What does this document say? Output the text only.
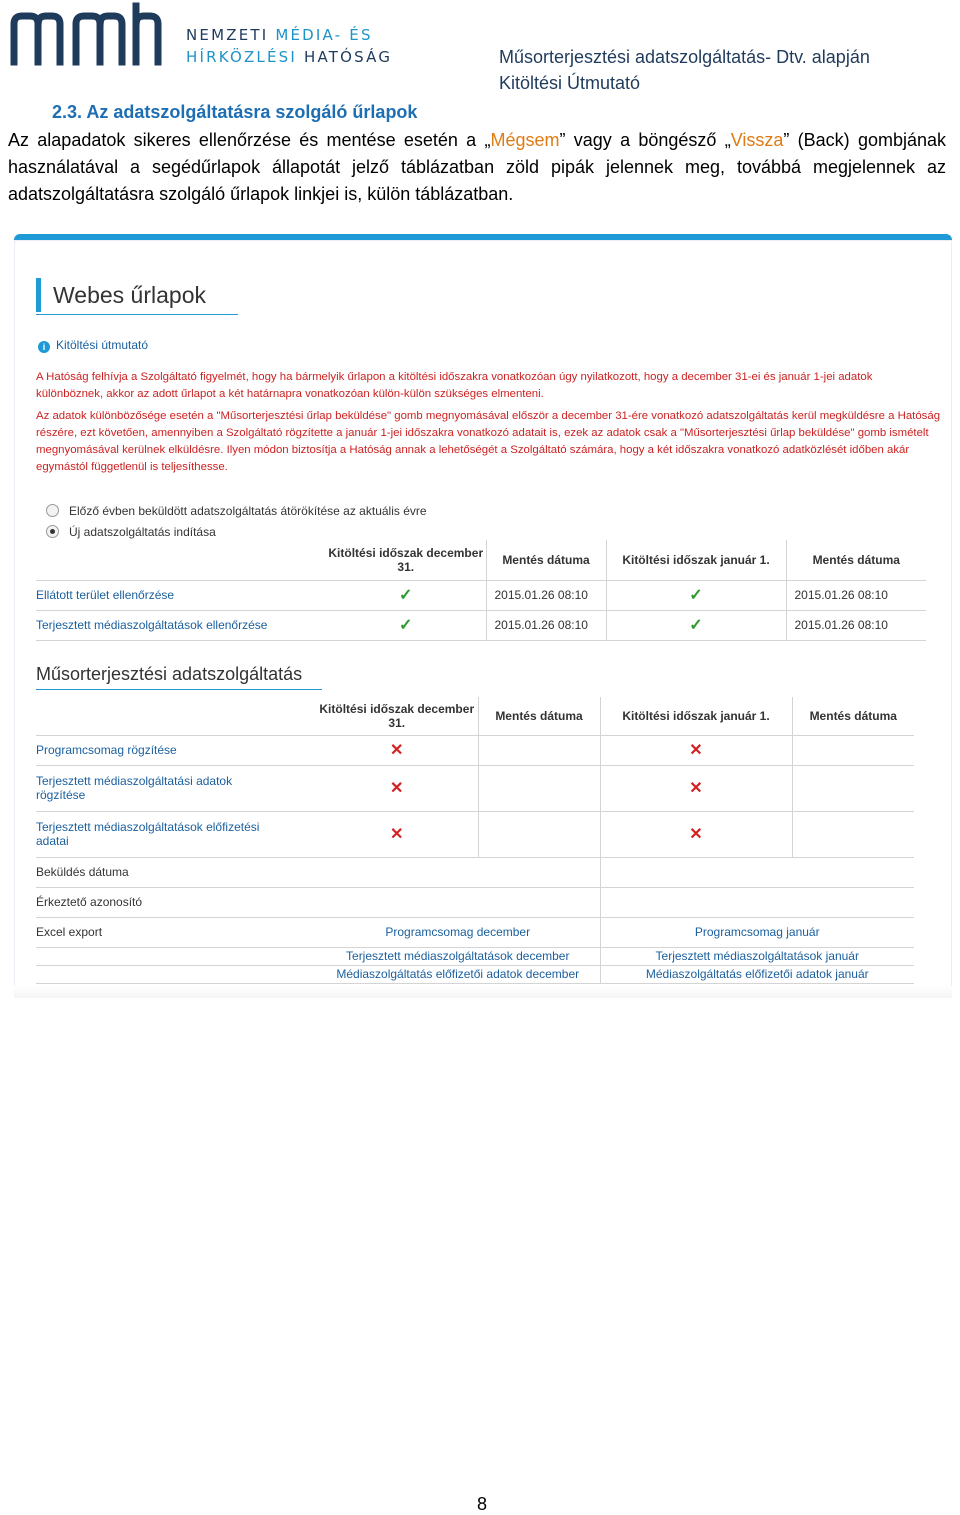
NEMZETI MÉDIA- ÉS
HÍRKÖZLÉSI HATÓSÁG	Műsorterjesztési adatszolgáltatás- Dtv. alapján
Kitöltési Útmutató
2.3. Az adatszolgáltatásra szolgáló űrlapok
Az alapadatok sikeres ellenőrzése és mentése esetén a „Mégsem” vagy a böngésző „Vissza” (Back) gombjának használatával a segédűrlapok állapotát jelző táblázatban zöld pipák jelennek meg, továbbá megjelennek az adatszolgáltatásra szolgáló űrlapok linkjei is, külön táblázatban.
Webes űrlapok
i Kitöltési útmutató
A Hatóság felhívja a Szolgáltató figyelmét, hogy ha bármelyik űrlapon a kitöltési időszakra vonatkozóan úgy nyilatkozott, hogy a december 31-ei és január 1-jei adatok különböznek, akkor az adott űrlapot a két határnapra vonatkozóan külön-külön szükséges elmenteni.
Az adatok különbözősége esetén a "Műsorterjesztési űrlap beküldése" gomb megnyomásával először a december 31-ére vonatkozó adatszolgáltatás kerül megküldésre a Hatóság részére, ezt követően, amennyiben a Szolgáltató rögzítette a január 1-jei időszakra vonatkozó adatait is, ezek az adatok csak a "Műsorterjesztési űrlap beküldése" gomb ismételt megnyomásával kerülnek elküldésre. Ilyen módon biztosítja a Hatóság annak a lehetőségét a Szolgáltató számára, hogy a két időszakra vonatkozó adatközlését időben akár egymástól függetlenül is teljesíthesse.
Előző évben beküldött adatszolgáltatás átörökítése az aktuális évre
Új adatszolgáltatás indítása
	Kitöltési időszak december 31.	Mentés dátuma	Kitöltési időszak január 1.	Mentés dátuma
Ellátott terület ellenőrzése	✓	2015.01.26 08:10	✓	2015.01.26 08:10
Terjesztett médiaszolgáltatások ellenőrzése	✓	2015.01.26 08:10	✓	2015.01.26 08:10
Műsorterjesztési adatszolgáltatás
	Kitöltési időszak december 31.	Mentés dátuma	Kitöltési időszak január 1.	Mentés dátuma
Programcsomag rögzítése	✕		✕	
Terjesztett médiaszolgáltatási adatok rögzítése	✕		✕	
Terjesztett médiaszolgáltatások előfizetési adatai	✕		✕	
Beküldés dátuma				
Érkeztető azonosító				
Excel export	Programcsomag december		Programcsomag január	
	Terjesztett médiaszolgáltatások december		Terjesztett médiaszolgáltatások január	
	Médiaszolgáltatás előfizetői adatok december		Médiaszolgáltatás előfizetői adatok január	
8
